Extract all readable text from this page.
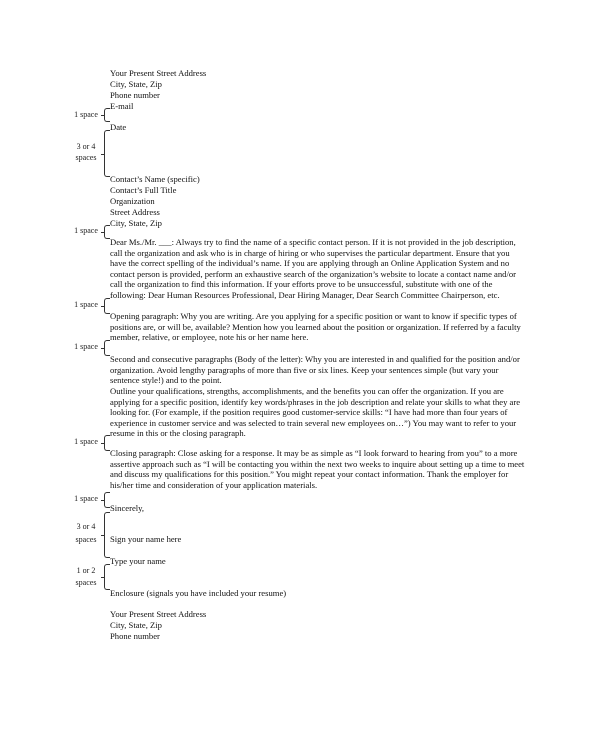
Your Present Street Address
City, State, Zip
Phone number
E-mail
1 space
Date
3 or 4
spaces
Contact’s Name (specific)
Contact’s Full Title
Organization
Street Address
City, State, Zip
1 space
Dear Ms./Mr. ___: Always try to find the name of a specific contact person. If it is not provided in the job description, call the organization and ask who is in charge of hiring or who supervises the particular department. Ensure that you have the correct spelling of the individual’s name. If you are applying through an Online Application System and no contact person is provided, perform an exhaustive search of the organization’s website to locate a contact name and/or call the organization to find this information. If your efforts prove to be unsuccessful, substitute with one of the following: Dear Human Resources Professional, Dear Hiring Manager, Dear Search Committee Chairperson, etc.
1 space
Opening paragraph: Why you are writing. Are you applying for a specific position or want to know if specific types of positions are, or will be, available? Mention how you learned about the position or organization. If referred by a faculty member, relative, or employee, note his or her name here.
1 space
Second and consecutive paragraphs (Body of the letter): Why you are interested in and qualified for the position and/or organization. Avoid lengthy paragraphs of more than five or six lines. Keep your sentences simple (but vary your sentence style!) and to the point.
Outline your qualifications, strengths, accomplishments, and the benefits you can offer the organization. If you are applying for a specific position, identify key words/phrases in the job description and relate your skills to what they are looking for. (For example, if the position requires good customer-service skills: “I have had more than four years of experience in customer service and was selected to train several new employees on…”) You may want to refer to your resume in this or the closing paragraph.
1 space
Closing paragraph: Close asking for a response. It may be as simple as “I look forward to hearing from you” to a more assertive approach such as “I will be contacting you within the next two weeks to inquire about setting up a time to meet and discuss my qualifications for this position.” You might repeat your contact information. Thank the employer for his/her time and consideration of your application materials.
1 space
Sincerely,
3 or 4
spaces	Sign your name here
Type your name
1 or 2
spaces
Enclosure (signals you have included your resume)
Your Present Street Address
City, State, Zip
Phone number
